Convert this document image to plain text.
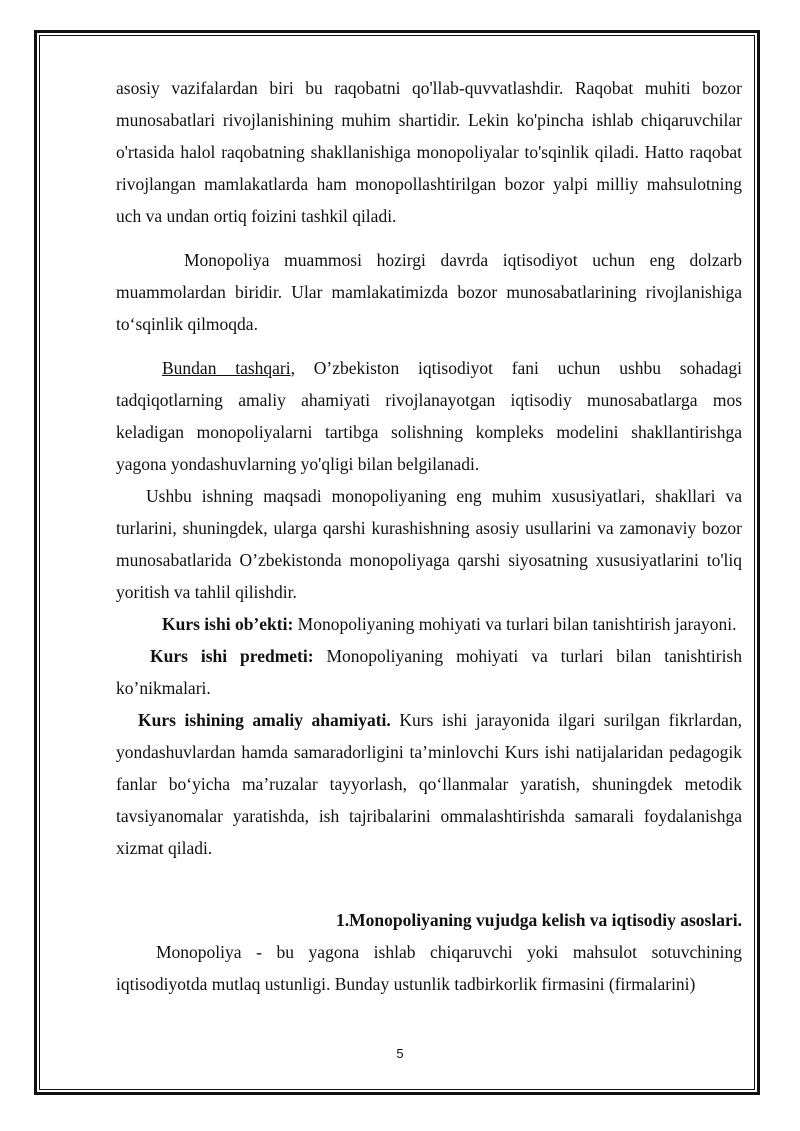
asosiy vazifalardan biri bu raqobatni qo'llab-quvvatlashdir. Raqobat muhiti bozor munosabatlari rivojlanishining muhim shartidir. Lekin ko'pincha ishlab chiqaruvchilar o'rtasida halol raqobatning shakllanishiga monopoliyalar to'sqinlik qiladi. Hatto raqobat rivojlangan mamlakatlarda ham monopollashtirilgan bozor yalpi milliy mahsulotning uch va undan ortiq foizini tashkil qiladi.

Monopoliya muammosi hozirgi davrda iqtisodiyot uchun eng dolzarb muammolardan biridir. Ular mamlakatimizda bozor munosabatlarining rivojlanishiga to‘sqinlik qilmoqda.

Bundan tashqari, O’zbekiston iqtisodiyot fani uchun ushbu sohadagi tadqiqotlarning amaliy ahamiyati rivojlanayotgan iqtisodiy munosabatlarga mos keladigan monopoliyalarni tartibga solishning kompleks modelini shakllantirishga yagona yondashuvlarning yo'qligi bilan belgilanadi.

Ushbu ishning maqsadi monopoliyaning eng muhim xususiyatlari, shakllari va turlarini, shuningdek, ularga qarshi kurashishning asosiy usullarini va zamonaviy bozor munosabatlarida O’zbekistonda monopoliyaga qarshi siyosatning xususiyatlarini to'liq yoritish va tahlil qilishdir.

Kurs ishi ob’ekti: Monopoliyaning mohiyati va turlari bilan tanishtirish jarayoni.

Kurs ishi predmeti: Monopoliyaning mohiyati va turlari bilan tanishtirish ko’nikmalari.

Kurs ishining amaliy ahamiyati. Kurs ishi jarayonida ilgari surilgan fikrlardan, yondashuvlardan hamda samaradorligini ta’minlovchi Kurs ishi natijalaridan pedagogik fanlar bo‘yicha ma’ruzalar tayyorlash, qo‘llanmalar yaratish, shuningdek metodik tavsiyanomalar yaratishda, ish tajribalarini ommalashtirishda samarali foydalanishga xizmat qiladi.

1.Monopoliyaning vujudga kelish va iqtisodiy asoslari.

Monopoliya - bu yagona ishlab chiqaruvchi yoki mahsulot sotuvchining iqtisodiyotda mutlaq ustunligi. Bunday ustunlik tadbirkorlik firmasini (firmalarini)

5
